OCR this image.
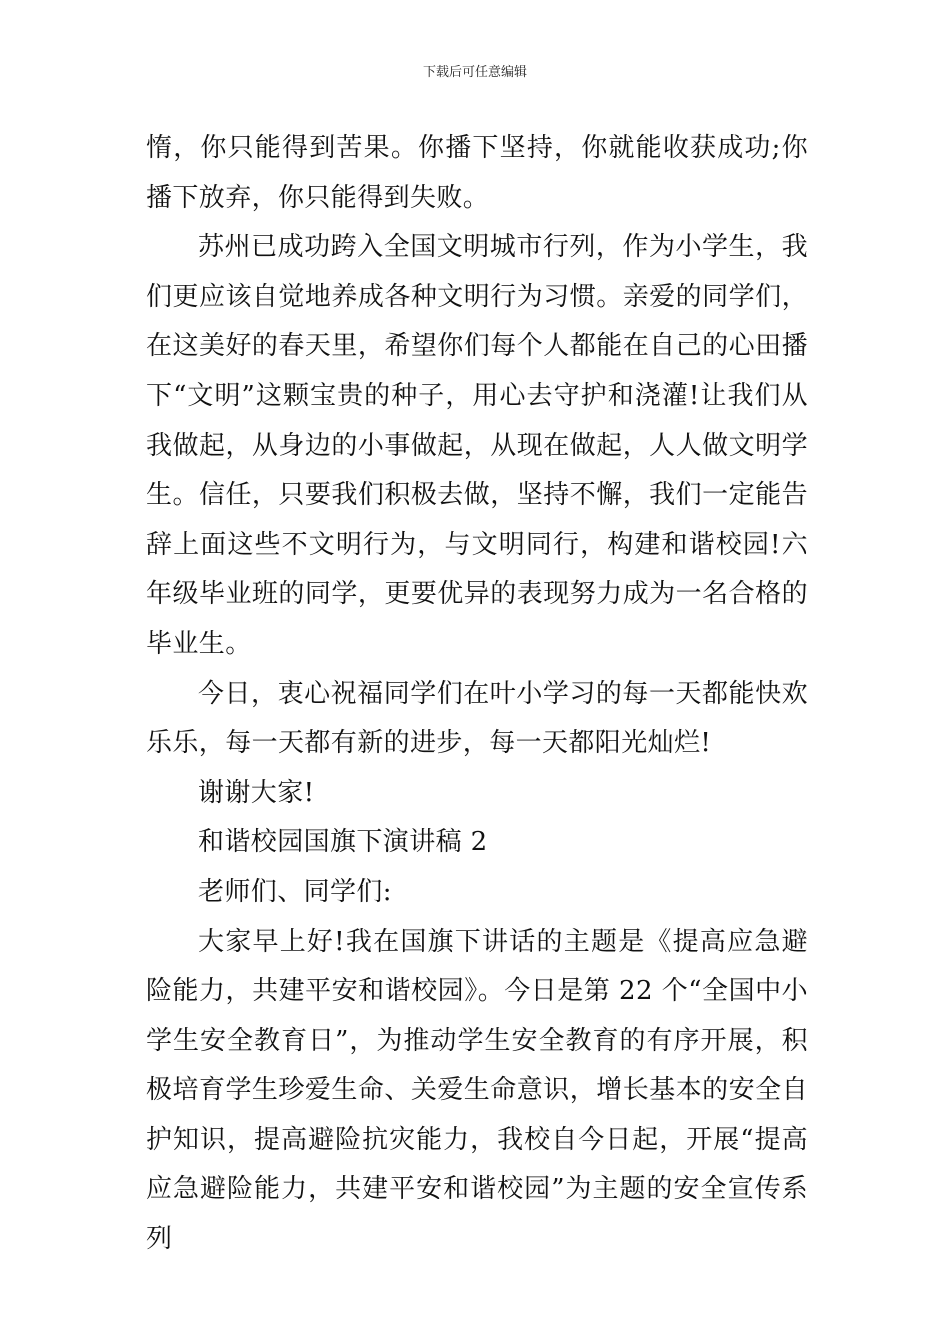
下载后可任意编辑

惰，你只能得到苦果。你播下坚持，你就能收获成功;你播下放弃，你只能得到失败。

苏州已成功跨入全国文明城市行列，作为小学生，我们更应该自觉地养成各种文明行为习惯。亲爱的同学们，在这美好的春天里，希望你们每个人都能在自己的心田播下“文明”这颗宝贵的种子，用心去守护和浇灌!让我们从我做起，从身边的小事做起，从现在做起，人人做文明学生。信任，只要我们积极去做，坚持不懈，我们一定能告辞上面这些不文明行为，与文明同行，构建和谐校园!六年级毕业班的同学，更要优异的表现努力成为一名合格的毕业生。

今日，衷心祝福同学们在叶小学习的每一天都能快欢乐乐，每一天都有新的进步，每一天都阳光灿烂!

谢谢大家!

和谐校园国旗下演讲稿 2

老师们、同学们:

大家早上好!我在国旗下讲话的主题是《提高应急避险能力，共建平安和谐校园》。今日是第 22 个“全国中小学生安全教育日”，为推动学生安全教育的有序开展，积极培育学生珍爱生命、关爱生命意识，增长基本的安全自护知识，提高避险抗灾能力，我校自今日起，开展“提高应急避险能力，共建平安和谐校园”为主题的安全宣传系列
